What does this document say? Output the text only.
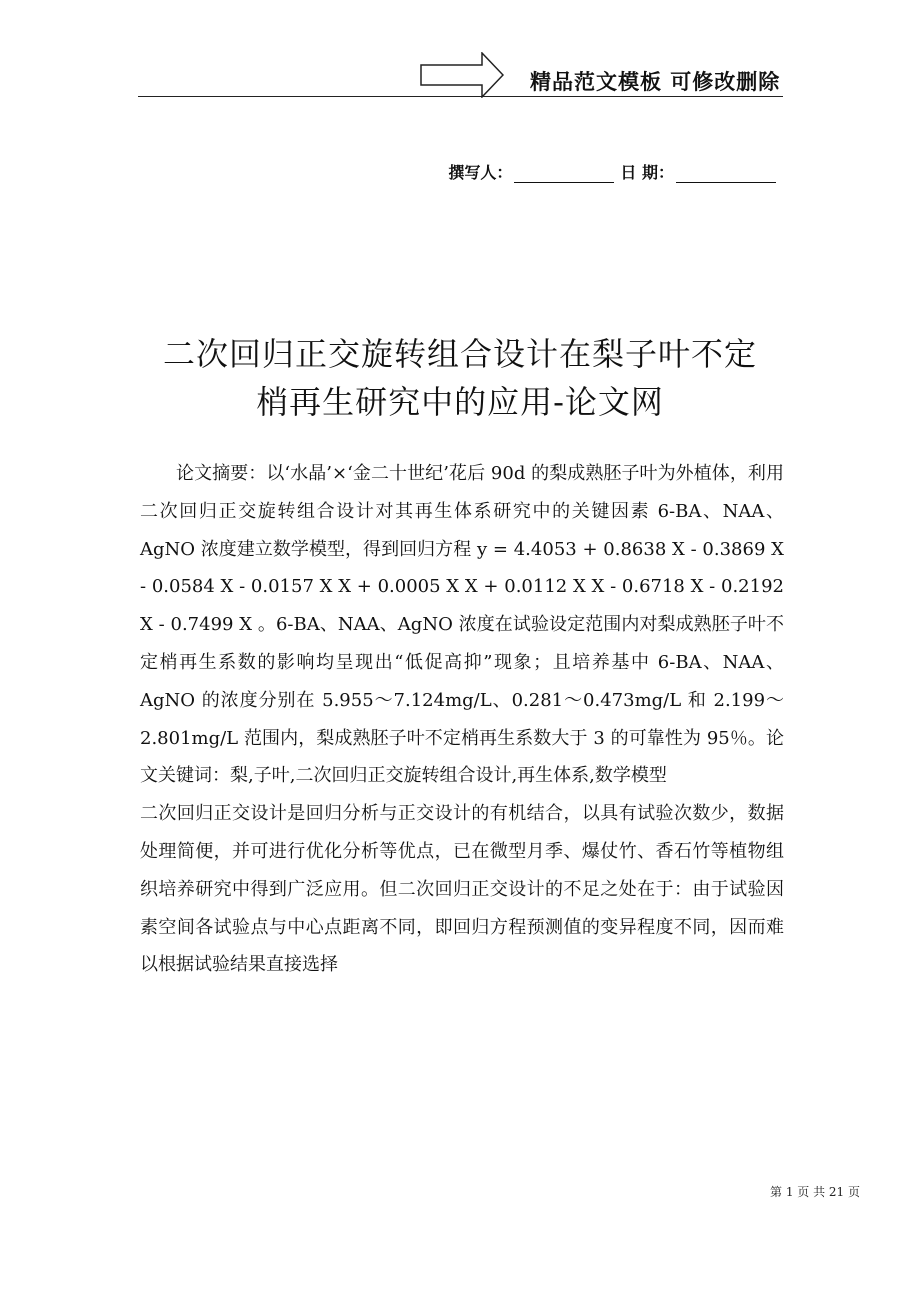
精品范文模板 可修改删除
撰写人：	日 期：
二次回归正交旋转组合设计在梨子叶不定
梢再生研究中的应用-论文网

论文摘要：以‘水晶’×‘金二十世纪’花后 90d 的梨成熟胚子叶为外植体，利用二次回归正交旋转组合设计对其再生体系研究中的关键因素 6-BA、NAA、AgNO 浓度建立数学模型，得到回归方程 y = 4.4053 + 0.8638 X - 0.3869 X - 0.0584 X - 0.0157 X X + 0.0005 X X + 0.0112 X X - 0.6718 X - 0.2192 X - 0.7499 X 。6-BA、NAA、AgNO 浓度在试验设定范围内对梨成熟胚子叶不定梢再生系数的影响均呈现出“低促高抑”现象；且培养基中 6-BA、NAA、AgNO 的浓度分别在 5.955～7.124mg/L、0.281～0.473mg/L 和 2.199～2.801mg/L 范围内，梨成熟胚子叶不定梢再生系数大于 3 的可靠性为 95％。论文关键词：梨,子叶,二次回归正交旋转组合设计,再生体系,数学模型

二次回归正交设计是回归分析与正交设计的有机结合，以具有试验次数少，数据处理简便，并可进行优化分析等优点，已在微型月季、爆仗竹、香石竹等植物组织培养研究中得到广泛应用。但二次回归正交设计的不足之处在于：由于试验因素空间各试验点与中心点距离不同，即回归方程预测值的变异程度不同，因而难以根据试验结果直接选择

第 1 页 共 21 页
